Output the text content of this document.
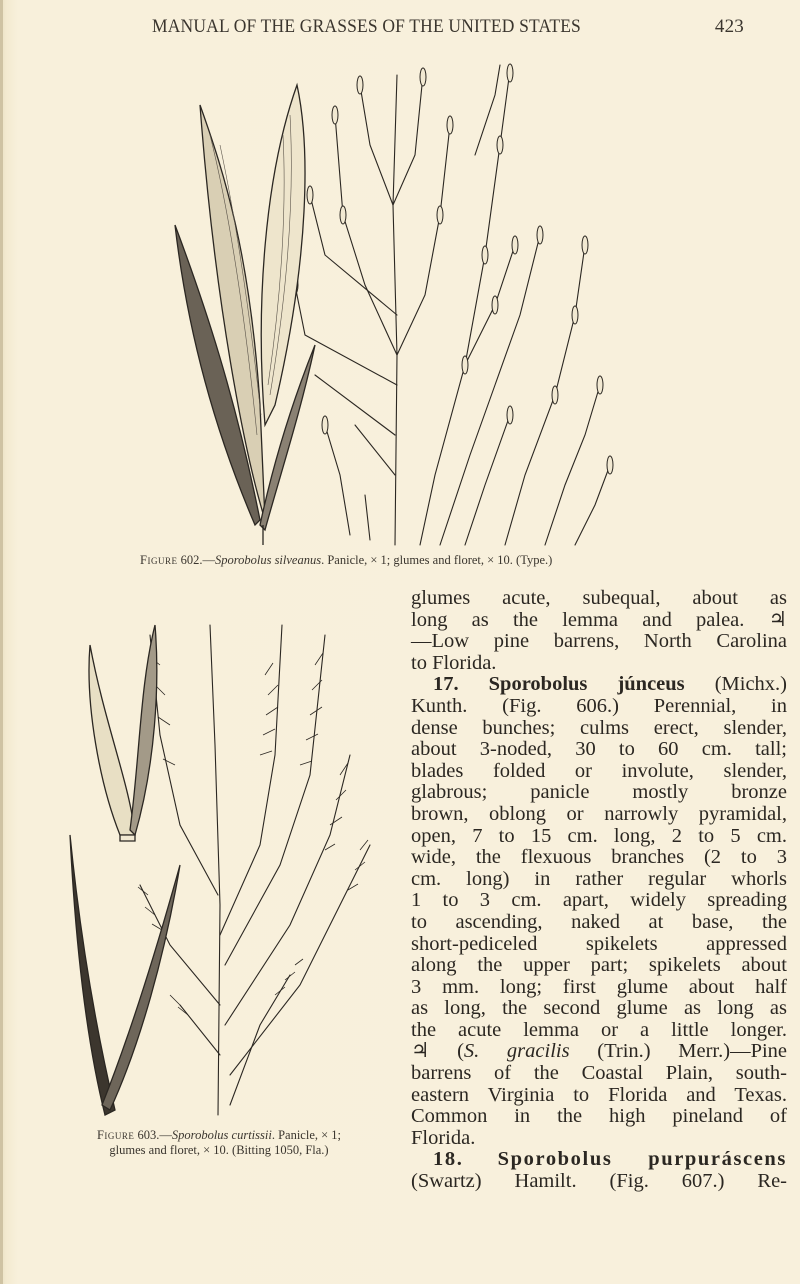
MANUAL OF THE GRASSES OF THE UNITED STATES	423
Figure 602.—Sporobolus silveanus. Panicle, × 1; glumes and floret, × 10. (Type.)
Figure 603.—Sporobolus curtissii. Panicle, × 1;
glumes and floret, × 10. (Bitting 1050, Fla.)
glumes acute, subequal, about as
long as the lemma and palea. ♃
—Low pine barrens, North Carolina
to Florida.
17. Sporobolus júnceus (Michx.)
Kunth. (Fig. 606.) Perennial, in
dense bunches; culms erect, slender,
about 3-noded, 30 to 60 cm. tall;
blades folded or involute, slender,
glabrous; panicle mostly bronze
brown, oblong or narrowly pyramidal,
open, 7 to 15 cm. long, 2 to 5 cm.
wide, the flexuous branches (2 to 3
cm. long) in rather regular whorls
1 to 3 cm. apart, widely spreading
to ascending, naked at base, the
short-pediceled spikelets appressed
along the upper part; spikelets about
3 mm. long; first glume about half
as long, the second glume as long as
the acute lemma or a little longer.
♃ (S. gracilis (Trin.) Merr.)—Pine
barrens of the Coastal Plain, south-
eastern Virginia to Florida and Texas.
Common in the high pineland of
Florida.
18. Sporobolus purpuráscens
(Swartz) Hamilt. (Fig. 607.) Re-
